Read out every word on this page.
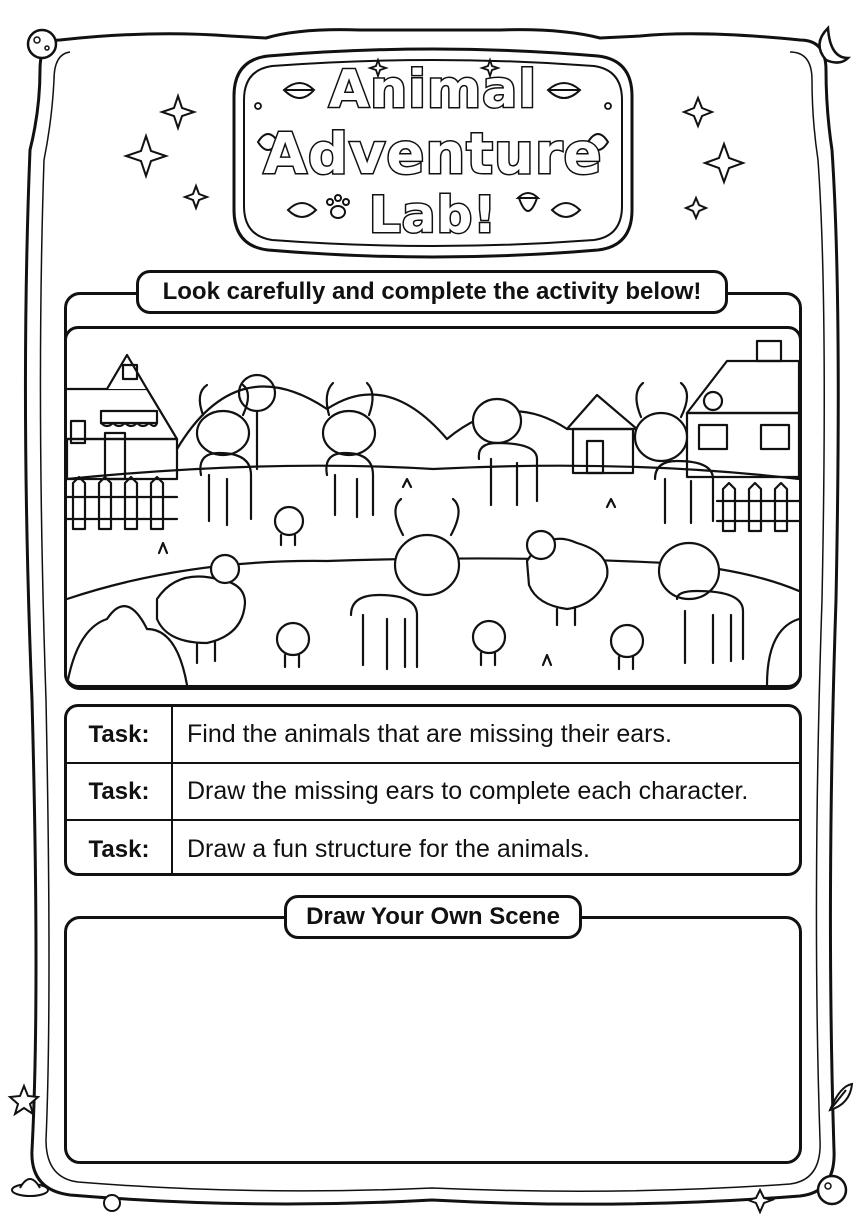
Animal
Adventure
Lab!
Look carefully and complete the activity below!
Task:	Find the animals that are missing their ears.
Task:	Draw the missing ears to complete each character.
Task:	Draw a fun structure for the animals.
Draw Your Own Scene
